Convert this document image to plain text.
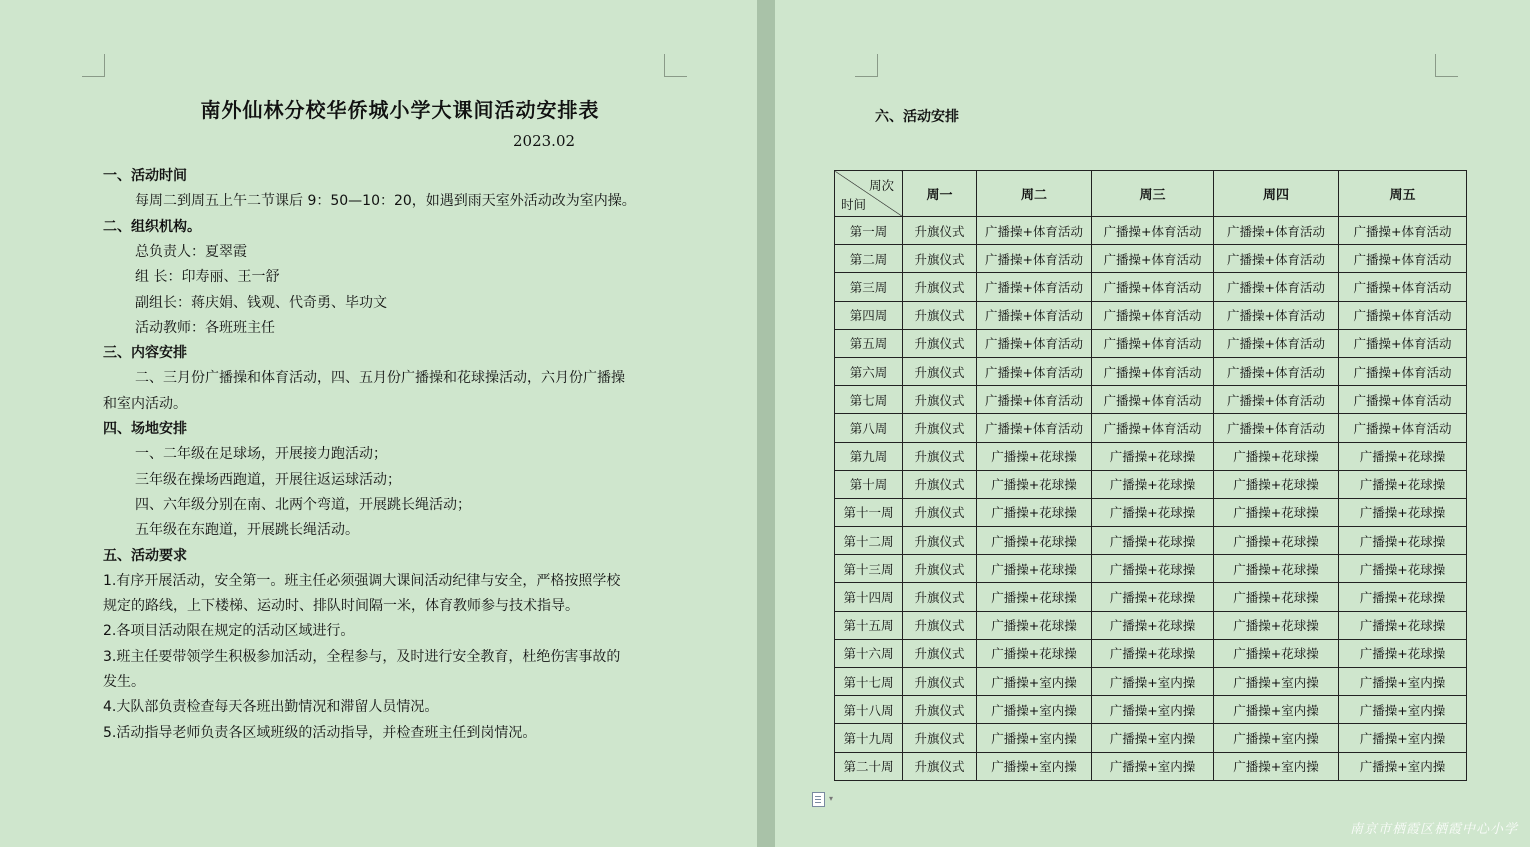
南外仙林分校华侨城小学大课间活动安排表
2023.02
一、活动时间
每周二到周五上午二节课后 9：50—10：20，如遇到雨天室外活动改为室内操。
二、组织机构。
总负责人：夏翠霞
组 长：印寿丽、王一舒
副组长：蒋庆娟、钱观、代奇勇、毕功文
活动教师：各班班主任
三、内容安排
二、三月份广播操和体育活动，四、五月份广播操和花球操活动，六月份广播操
和室内活动。
四、场地安排
一、二年级在足球场，开展接力跑活动；
三年级在操场西跑道，开展往返运球活动；
四、六年级分别在南、北两个弯道，开展跳长绳活动；
五年级在东跑道，开展跳长绳活动。
五、活动要求
1.有序开展活动，安全第一。班主任必须强调大课间活动纪律与安全，严格按照学校
规定的路线，上下楼梯、运动时、排队时间隔一米，体育教师参与技术指导。
2.各项目活动限在规定的活动区域进行。
3.班主任要带领学生积极参加活动，全程参与，及时进行安全教育，杜绝伤害事故的
发生。
4.大队部负责检查每天各班出勤情况和滞留人员情况。
5.活动指导老师负责各区域班级的活动指导，并检查班主任到岗情况。
六、活动安排
周次
时间	周一	周二	周三	周四	周五
第一周	升旗仪式	广播操+体育活动	广播操+体育活动	广播操+体育活动	广播操+体育活动
第二周	升旗仪式	广播操+体育活动	广播操+体育活动	广播操+体育活动	广播操+体育活动
第三周	升旗仪式	广播操+体育活动	广播操+体育活动	广播操+体育活动	广播操+体育活动
第四周	升旗仪式	广播操+体育活动	广播操+体育活动	广播操+体育活动	广播操+体育活动
第五周	升旗仪式	广播操+体育活动	广播操+体育活动	广播操+体育活动	广播操+体育活动
第六周	升旗仪式	广播操+体育活动	广播操+体育活动	广播操+体育活动	广播操+体育活动
第七周	升旗仪式	广播操+体育活动	广播操+体育活动	广播操+体育活动	广播操+体育活动
第八周	升旗仪式	广播操+体育活动	广播操+体育活动	广播操+体育活动	广播操+体育活动
第九周	升旗仪式	广播操+花球操	广播操+花球操	广播操+花球操	广播操+花球操
第十周	升旗仪式	广播操+花球操	广播操+花球操	广播操+花球操	广播操+花球操
第十一周	升旗仪式	广播操+花球操	广播操+花球操	广播操+花球操	广播操+花球操
第十二周	升旗仪式	广播操+花球操	广播操+花球操	广播操+花球操	广播操+花球操
第十三周	升旗仪式	广播操+花球操	广播操+花球操	广播操+花球操	广播操+花球操
第十四周	升旗仪式	广播操+花球操	广播操+花球操	广播操+花球操	广播操+花球操
第十五周	升旗仪式	广播操+花球操	广播操+花球操	广播操+花球操	广播操+花球操
第十六周	升旗仪式	广播操+花球操	广播操+花球操	广播操+花球操	广播操+花球操
第十七周	升旗仪式	广播操+室内操	广播操+室内操	广播操+室内操	广播操+室内操
第十八周	升旗仪式	广播操+室内操	广播操+室内操	广播操+室内操	广播操+室内操
第十九周	升旗仪式	广播操+室内操	广播操+室内操	广播操+室内操	广播操+室内操
第二十周	升旗仪式	广播操+室内操	广播操+室内操	广播操+室内操	广播操+室内操
▾
南京市栖霞区栖霞中心小学
